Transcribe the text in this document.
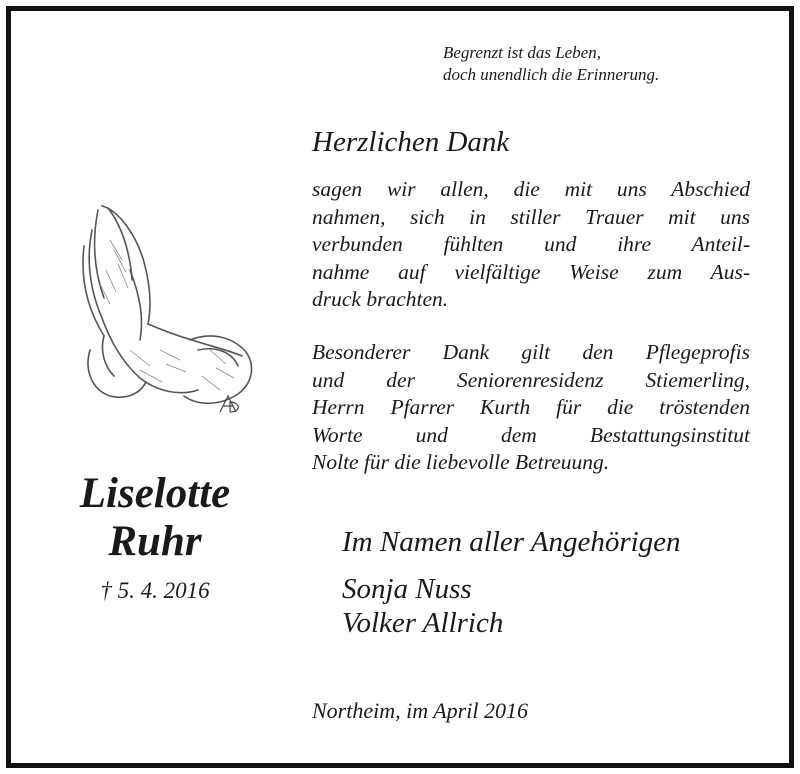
Begrenzt ist das Leben,
doch unendlich die Erinnerung.
Herzlichen Dank
sagen wir allen, die mit uns Abschied
nahmen, sich in stiller Trauer mit uns
verbunden fühlten und ihre Anteil-
nahme auf vielfältige Weise zum Aus-
druck brachten.
Besonderer Dank gilt den Pflegeprofis
und der Seniorenresidenz Stiemerling,
Herrn Pfarrer Kurth für die tröstenden
Worte und dem Bestattungsinstitut
Nolte für die liebevolle Betreuung.
Liselotte
Ruhr
† 5. 4. 2016
Im Namen aller Angehörigen
Sonja Nuss
Volker Allrich
Northeim, im April 2016
